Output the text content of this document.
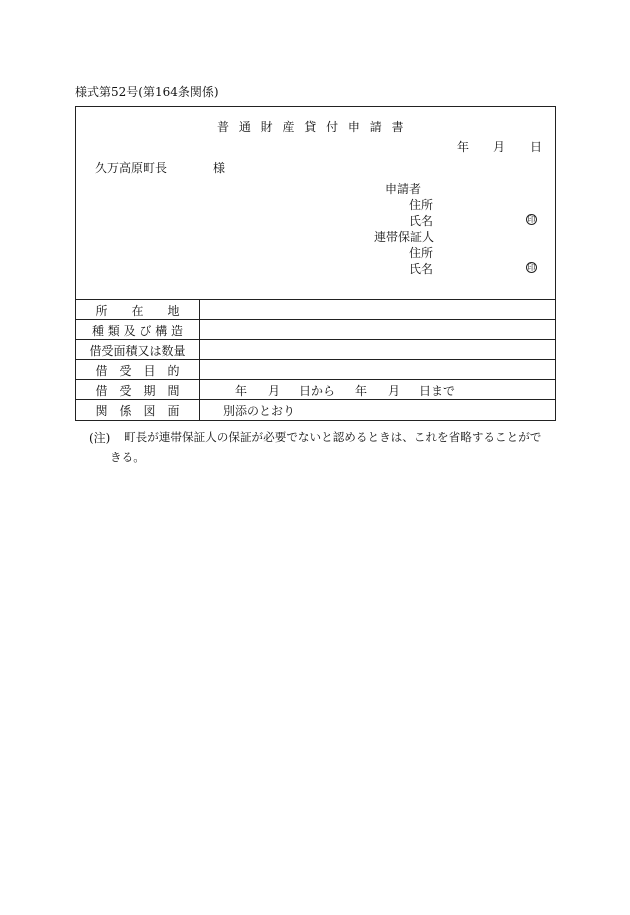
様式第52号(第164条関係)
普 通 財 産 貸 付 申 請 書
年 月 日
久万高原町長	様
申請者
住所
氏名	印
連帯保証人
住所
氏名	印
所　　在　　地
種 類 及 び 構 造
借受面積又は数量
借　受　目　的
借　受　期　間	年 月 日から 年 月 日まで
関　係　図　面	別添のとおり
(注) 町長が連帯保証人の保証が必要でないと認めるときは、これを省略することがで
きる。
